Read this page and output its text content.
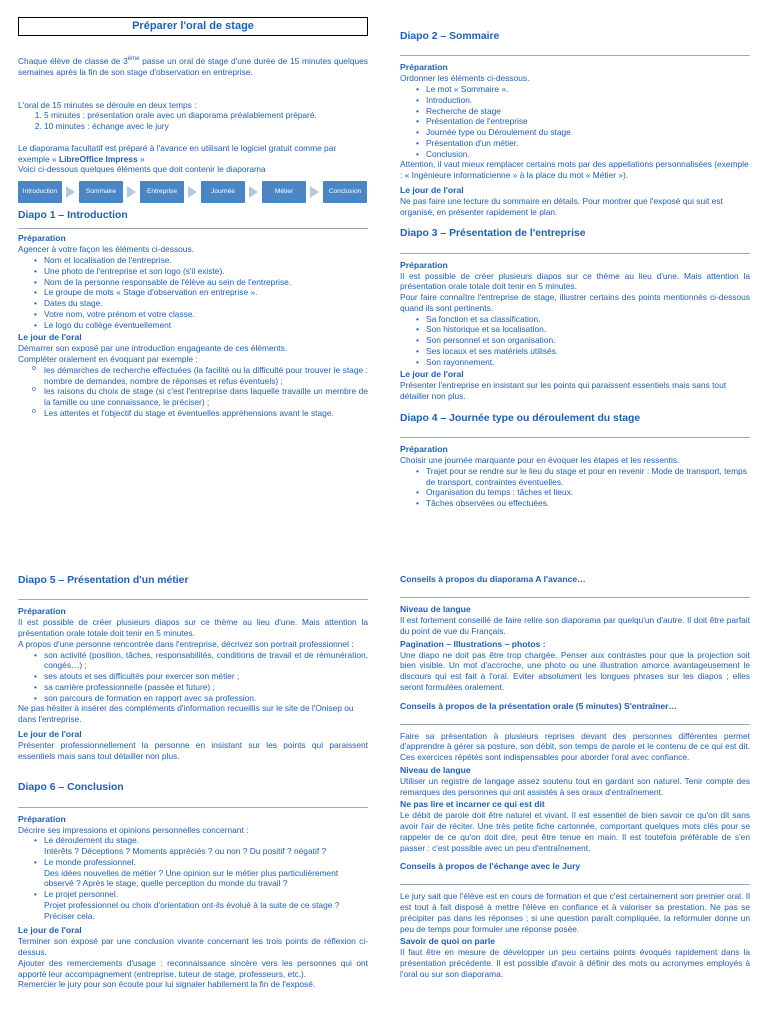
Préparer l'oral de stage

Chaque élève de classe de 3ème passe un oral de stage d'une durée de 15 minutes quelques semaines après la fin de son stage d'observation en entreprise.

L'oral de 15 minutes se déroule en deux temps :

1. 5 minutes : présentation orale avec un diaporama préalablement préparé.
2. 10 minutes : échange avec le jury

Le diaporama facultatif est préparé à l'avance en utilisant le logiciel gratuit comme par exemple « LibreOffice Impress »

Voici ci-dessous quelques éléments que doit contenir le diaporama

Introduction	Sommaire	Entreprise	Journée	Métier	Conclusion
Diapo 1 – Introduction
Préparation

Agencer à votre façon les éléments ci-dessous.

• Nom et localisation de l'entreprise.
• Une photo de l'entreprise et son logo (s'il existe).
• Nom de la personne responsable de l'élève au sein de l'entreprise.
• Le groupe de mots « Stage d'observation en entreprise ».
• Dates du stage.
• Votre nom, votre prénom et votre classe.
• Le logo du collège éventuellement
Le jour de l'oral

Démarrer son exposé par une introduction engageante de ces éléments.

Compléter oralement en évoquant par exemple :

o les démarches de recherche effectuées (la facilité ou la difficulté pour trouver le stage : nombre de demandes, nombre de réponses et refus éventuels) ;
o les raisons du choix de stage (si c'est l'entreprise dans laquelle travaille un membre de la famille ou une connaissance, le préciser) ;
o Les attentes et l'objectif du stage et éventuelles appréhensions avant le stage.
Diapo 2 – Sommaire
Préparation

Ordonner les éléments ci-dessous.

• Le mot « Sommaire ».
• Introduction.
• Recherche de stage
• Présentation de l'entreprise
• Journée type ou Déroulement du stage
• Présentation d'un métier.
• Conclusion.

Attention, il vaut mieux remplacer certains mots par des appellations personnalisées (exemple : « Ingénieure informaticienne » à la place du mot « Métier »).

Le jour de l'oral

Ne pas faire une lecture du sommaire en détails. Pour montrer que l'exposé qui suit est organisé, en présenter rapidement le plan.

Diapo 3 – Présentation de l'entreprise
Préparation

Il est possible de créer plusieurs diapos sur ce thème au lieu d'une. Mais attention la présentation orale totale doit tenir en 5 minutes.

Pour faire connaître l'entreprise de stage, illustrer certains des points mentionnés ci-dessous quand ils sont pertinents.

• Sa fonction et sa classification.
• Son historique et sa localisation.
• Son personnel et son organisation.
• Ses locaux et ses matériels utilisés.
• Son rayonnement.
Le jour de l'oral

Présenter l'entreprise en insistant sur les points qui paraissent essentiels mais sans tout détailler non plus.

Diapo 4 – Journée type ou déroulement du stage
Préparation

Choisir une journée marquante pour en évoquer les étapes et les ressentis.

• Trajet pour se rendre sur le lieu du stage et pour en revenir : Mode de transport, temps de transport, contraintes éventuelles.
• Organisation du temps : tâches et lieux.
• Tâches observées ou effectuées.
Diapo 5 – Présentation d'un métier
Préparation

Il est possible de créer plusieurs diapos sur ce thème au lieu d'une. Mais attention la présentation orale totale doit tenir en 5 minutes.

A propos d'une personne rencontrée dans l'entreprise, décrivez son portrait professionnel :

• son activité (position, tâches, responsabilités, conditions de travail et de rémunération, congés…) ;
• ses atouts et ses difficultés pour exercer son métier ;
• sa carrière professionnelle (passée et future) ;
• son parcours de formation en rapport avec sa profession.

Ne pas hésiter à insérer des compléments d'information recueillis sur le site de l'Onisep ou dans l'entreprise.

Le jour de l'oral

Présenter professionnellement la personne en insistant sur les points qui paraissent essentiels mais sans tout détailler non plus.

Diapo 6 – Conclusion
Préparation

Décrire ses impressions et opinions personnelles concernant :

• Le déroulement du stage.
Intérêts ? Déceptions ? Moments appréciés ? ou non ? Du positif ? négatif ?
• Le monde professionnel.
Des idées nouvelles de métier ? Une opinion sur le métier plus particulièrement observé ? Après le stage, quelle perception du monde du travail ?
• Le projet personnel.
Projet professionnel ou choix d'orientation ont-ils évolué à la suite de ce stage ? Préciser cela.
Le jour de l'oral

Terminer son exposé par une conclusion vivante concernant les trois points de réflexion ci-dessus.

Ajouter des remerciements d'usage : reconnaissance sincère vers les personnes qui ont apporté leur accompagnement (entreprise, tuteur de stage, professeurs, etc.).

Remercier le jury pour son écoute pour lui signaler habilement la fin de l'exposé.

Conseils à propos du diaporama A l'avance…
Niveau de langue

Il est fortement conseillé de faire relire son diaporama par quelqu'un d'autre. Il doit être parfait du point de vue du Français.

Pagination – Illustrations – photos :

Une diapo ne doit pas être trop chargée. Penser aux contrastes pour que la projection soit bien visible. Un mot d'accroche, une photo ou une illustration amorce avantageusement le discours qui est fait à l'oral. Eviter absolument les longues phrases sur les diapos ; elles seront formulées oralement.

Conseils à propos de la présentation orale (5 minutes) S'entraîner…

Faire sa présentation à plusieurs reprises devant des personnes différentes permet d'apprendre à gérer sa posture, son débit, son temps de parole et le contenu de ce qui est dit. Ces exercices répétés sont indispensables pour aborder l'oral avec confiance.

Niveau de langue

Utiliser un registre de langage assez soutenu tout en gardant son naturel. Tenir compte des remarques des personnes qui ont assistés à ses oraux d'entraînement.

Ne pas lire et incarner ce qui est dit

Le débit de parole doit être naturel et vivant. Il est essentiel de bien savoir ce qu'on dit sans avoir l'air de réciter. Une très petite fiche cartonnée, comportant quelques mots clés pour se rappeler de ce qu'on doit dire, peut être tenue en main. Il est toutefois préférable de s'en passer : c'est possible avec un peu d'entraînement.

Conseils à propos de l'échange avec le Jury

Le jury sait que l'élève est en cours de formation et que c'est certainement son premier oral. Il est tout à fait disposé à mettre l'élève en confiance et à valoriser sa prestation. Ne pas se précipiter pas dans les réponses ; si une question paraît compliquée, la reformuler donne un peu de temps pour formuler une réponse posée.

Savoir de quoi on parle

Il faut être en mesure de développer un peu certains points évoqués rapidement dans la présentation précédente. Il est possible d'avoir à définir des mots ou acronymes employés à l'oral ou sur son diaporama.
